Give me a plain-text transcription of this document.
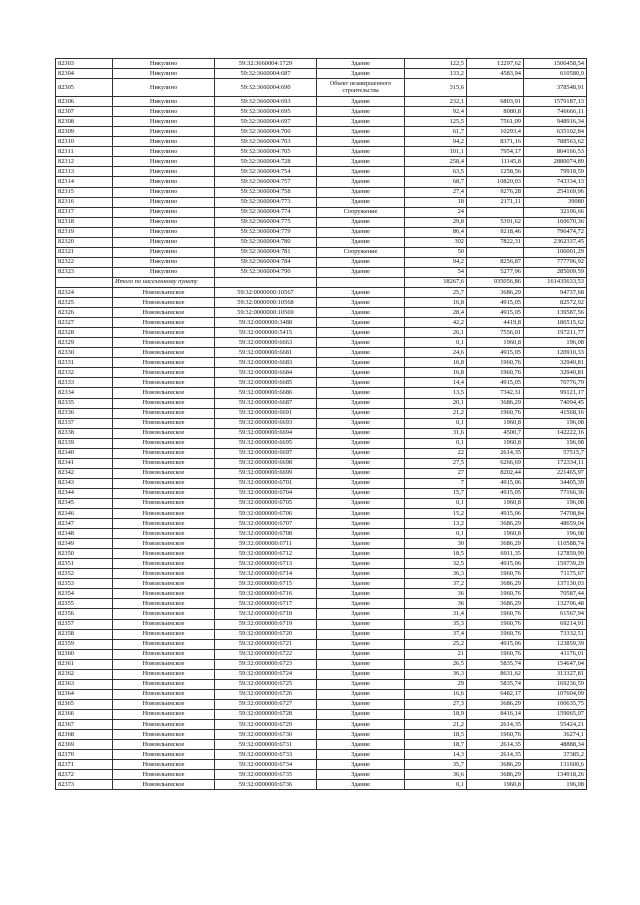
82303	Никулино	59:32:3660004:1729	Здание	122,5	12297,62	1506458,54
82304	Никулино	59:32:3660004:687	Здание	133,2	4583,94	610580,9
82305	Никулино	59:32:3660004:690	Объект незавершенного строительства	315,6		378548,91
82306	Никулино	59:32:3660004:693	Здание	232,1	6803,91	1579187,13
82307	Никулино	59:32:3660004:695	Здание	92,4	8080,8	746666,11
82308	Никулино	59:32:3660004:697	Здание	125,5	7561,09	948916,34
82309	Никулино	59:32:3660004:700	Здание	61,7	10293,4	635102,84
82310	Никулино	59:32:3660004:703	Здание	94,2	8371,16	788563,62
82311	Никулино	59:32:3660004:705	Здание	101,1	7954,17	804166,53
82312	Никулино	59:32:3660004:728	Здание	258,4	11145,8	2880074,89
82313	Никулино	59:32:3660004:754	Здание	63,5	1258,56	79918,59
82314	Никулино	59:32:3660004:757	Здание	68,7	10820,03	743334,13
82315	Никулино	59:32:3660004:758	Здание	27,4	9276,28	254169,96
82316	Никулино	59:32:3660004:773	Здание	18	2171,11	39080
82317	Никулино	59:32:3660004:774	Сооружение	24		32106,66
82318	Никулино	59:32:3660004:775	Здание	29,8	5391,62	160670,36
82319	Никулино	59:32:3660004:779	Здание	86,4	9218,46	796474,72
82320	Никулино	59:32:3660004:780	Здание	302	7822,31	2362337,45
82321	Никулино	59:32:3660004:781	Сооружение	50		106001,29
82322	Никулино	59:32:3660004:784	Здание	94,2	8256,87	777796,92
82323	Никулино	59:32:3660004:790	Здание	54	5277,96	285009,59
	Итого по населенному пункту			18267,6	935056,86	161435633,53
82324	Новоильинское	59:32:0000000:10567	Здание	25,7	3686,29	94737,68
82325	Новоильинское	59:32:0000000:10568	Здание	16,8	4915,05	82572,92
82326	Новоильинское	59:32:0000000:10569	Здание	28,4	4915,05	139587,56
82327	Новоильинское	59:32:0000000:3488	Здание	42,2	4419,8	186515,62
82328	Новоильинское	59:32:0000000:5415	Здание	26,1	7556,01	197211,77
82329	Новоильинское	59:32:0000000:6663	Здание	0,1	1960,8	196,08
82330	Новоильинское	59:32:0000000:6681	Здание	24,6	4915,05	120910,33
82331	Новоильинское	59:32:0000000:6683	Здание	16,8	1960,76	32940,81
82332	Новоильинское	59:32:0000000:6684	Здание	16,8	1960,76	32940,81
82333	Новоильинское	59:32:0000000:6685	Здание	14,4	4915,05	70776,79
82334	Новоильинское	59:32:0000000:6686	Здание	13,5	7342,31	99121,17
82335	Новоильинское	59:32:0000000:6687	Здание	20,1	3686,29	74094,45
82336	Новоильинское	59:32:0000000:6691	Здание	21,2	1960,76	41568,16
82337	Новоильинское	59:32:0000000:6693	Здание	0,1	1960,8	196,08
82338	Новоильинское	59:32:0000000:6694	Здание	31,6	4500,7	142222,16
82339	Новоильинское	59:32:0000000:6695	Здание	0,1	1960,8	196,08
82340	Новоильинское	59:32:0000000:6697	Здание	22	2614,35	57515,7
82341	Новоильинское	59:32:0000000:6698	Здание	27,5	6266,69	172334,11
82342	Новоильинское	59:32:0000000:6699	Здание	27	8202,44	221465,97
82343	Новоильинское	59:32:0000000:6701	Здание	7	4915,06	34405,39
82344	Новоильинское	59:32:0000000:6704	Здание	15,7	4915,05	77166,36
82345	Новоильинское	59:32:0000000:6705	Здание	0,1	1960,8	196,08
82346	Новоильинское	59:32:0000000:6706	Здание	15,2	4915,06	74708,84
82347	Новоильинское	59:32:0000000:6707	Здание	13,2	3686,29	48659,04
82348	Новоильинское	59:32:0000000:6708	Здание	0,1	1960,8	196,08
82349	Новоильинское	59:32:0000000:6711	Здание	30	3686,29	110588,74
82350	Новоильинское	59:32:0000000:6712	Здание	18,5	6911,35	127859,99
82351	Новоильинское	59:32:0000000:6713	Здание	32,5	4915,06	159739,29
82352	Новоильинское	59:32:0000000:6714	Здание	36,3	1960,76	71175,67
82353	Новоильинское	59:32:0000000:6715	Здание	37,2	3686,29	137130,03
82354	Новоильинское	59:32:0000000:6716	Здание	36	1960,76	70587,44
82355	Новоильинское	59:32:0000000:6717	Здание	36	3686,29	132706,48
82356	Новоильинское	59:32:0000000:6718	Здание	31,4	1960,76	61567,94
82357	Новоильинское	59:32:0000000:6719	Здание	35,3	1960,76	69214,91
82358	Новоильинское	59:32:0000000:6720	Здание	37,4	1960,76	73332,51
82359	Новоильинское	59:32:0000000:6721	Здание	25,2	4915,06	123859,39
82360	Новоильинское	59:32:0000000:6722	Здание	21	1960,76	41176,01
82361	Новоильинское	59:32:0000000:6723	Здание	26,5	5835,74	154647,04
82362	Новоильинское	59:32:0000000:6724	Здание	36,3	8631,62	313327,81
82363	Новоильинское	59:32:0000000:6725	Здание	29	5835,74	169236,59
82364	Новоильинское	59:32:0000000:6726	Здание	16,6	6482,17	107604,09
82365	Новоильинское	59:32:0000000:6727	Здание	27,3	3686,29	100635,75
82366	Новоильинское	59:32:0000000:6728	Здание	18,9	8416,14	159065,07
82367	Новоильинское	59:32:0000000:6729	Здание	21,2	2614,35	55424,21
82368	Новоильинское	59:32:0000000:6730	Здание	18,5	1960,76	36274,1
82369	Новоильинское	59:32:0000000:6731	Здание	18,7	2614,35	48888,34
82370	Новоильинское	59:32:0000000:6733	Здание	14,3	2614,35	37385,2
82371	Новоильинское	59:32:0000000:6734	Здание	35,7	3686,29	131600,6
82372	Новоильинское	59:32:0000000:6735	Здание	36,6	3686,29	134918,26
82373	Новоильинское	59:32:0000000:6736	Здание	0,1	1960,8	196,08
